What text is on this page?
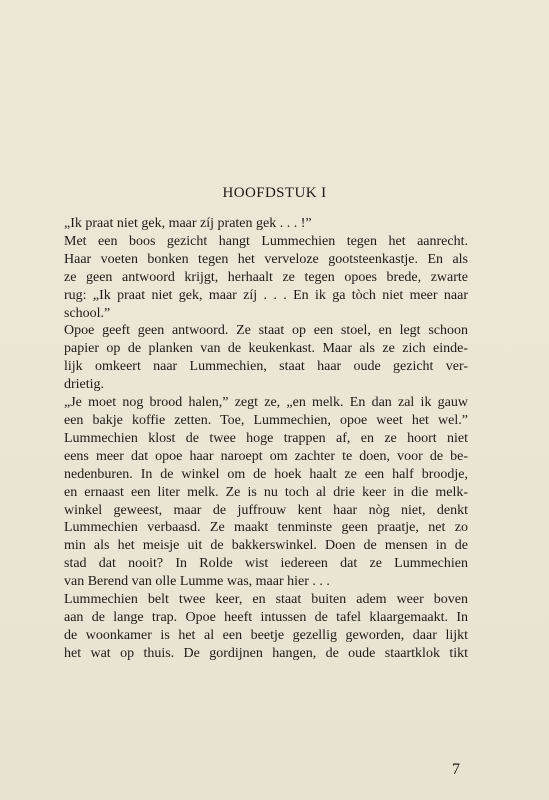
HOOFDSTUK I
„Ik praat niet gek, maar zíj praten gek . . . !”
Met een boos gezicht hangt Lummechien tegen het aanrecht.
Haar voeten bonken tegen het verveloze gootsteenkastje. En als
ze geen antwoord krijgt, herhaalt ze tegen opoes brede, zwarte
rug: „Ik praat niet gek, maar zíj . . . En ik ga tòch niet meer naar
school.”
Opoe geeft geen antwoord. Ze staat op een stoel, en legt schoon
papier op de planken van de keukenkast. Maar als ze zich einde-
lijk omkeert naar Lummechien, staat haar oude gezicht ver-
drietig.
„Je moet nog brood halen,” zegt ze, „en melk. En dan zal ik gauw
een bakje koffie zetten. Toe, Lummechien, opoe weet het wel.”
Lummechien klost de twee hoge trappen af, en ze hoort niet
eens meer dat opoe haar naroept om zachter te doen, voor de be-
nedenburen. In de winkel om de hoek haalt ze een half broodje,
en ernaast een liter melk. Ze is nu toch al drie keer in die melk-
winkel geweest, maar de juffrouw kent haar nòg niet, denkt
Lummechien verbaasd. Ze maakt tenminste geen praatje, net zo
min als het meisje uit de bakkerswinkel. Doen de mensen in de
stad dat nooit? In Rolde wist iedereen dat ze Lummechien
van Berend van olle Lumme was, maar hier . . .
Lummechien belt twee keer, en staat buiten adem weer boven
aan de lange trap. Opoe heeft intussen de tafel klaargemaakt. In
de woonkamer is het al een beetje gezellig geworden, daar lijkt
het wat op thuis. De gordijnen hangen, de oude staartklok tikt
7
